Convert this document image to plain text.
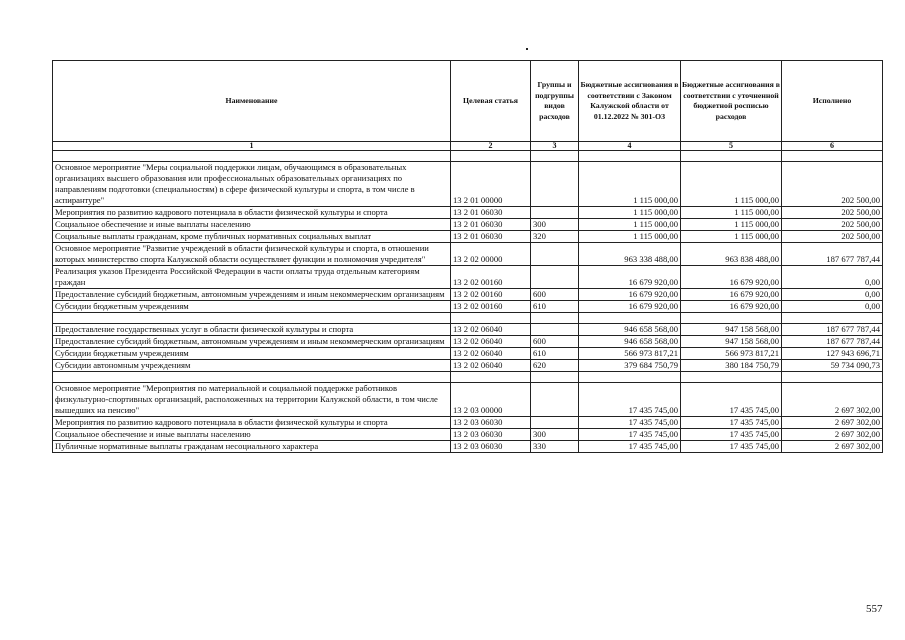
Наименование	Целевая статья	Группы и подгруппы видов расходов	Бюджетные ассигнования в соответствии с Законом Калужской области от 01.12.2022 № 301-ОЗ	Бюджетные ассигнования в соответствии с уточненной бюджетной росписью расходов	Исполнено
1	2	3	4	5	6

Основное мероприятие "Меры социальной поддержки лицам, обучающимся в образовательных организациях высшего образования или профессиональных образовательных организациях по направлениям подготовки (специальностям) в сфере физической культуры и спорта, в том числе в аспирантуре"	13 2 01 00000		1 115 000,00	1 115 000,00	202 500,00
Мероприятия по развитию кадрового потенциала в области физической культуры и спорта	13 2 01 06030		1 115 000,00	1 115 000,00	202 500,00
Социальное обеспечение и иные выплаты населению	13 2 01 06030	300	1 115 000,00	1 115 000,00	202 500,00
Социальные выплаты гражданам, кроме публичных нормативных социальных выплат	13 2 01 06030	320	1 115 000,00	1 115 000,00	202 500,00
Основное мероприятие "Развитие учреждений в области физической культуры и спорта, в отношении которых министерство спорта Калужской области осуществляет функции и полномочия учредителя"	13 2 02 00000		963 338 488,00	963 838 488,00	187 677 787,44
Реализация указов Президента Российской Федерации в части оплаты труда отдельным категориям граждан	13 2 02 00160		16 679 920,00	16 679 920,00	0,00
Предоставление субсидий бюджетным, автономным учреждениям и иным некоммерческим организациям	13 2 02 00160	600	16 679 920,00	16 679 920,00	0,00
Субсидии бюджетным учреждениям	13 2 02 00160	610	16 679 920,00	16 679 920,00	0,00

Предоставление государственных услуг в области физической культуры и спорта	13 2 02 06040		946 658 568,00	947 158 568,00	187 677 787,44
Предоставление субсидий бюджетным, автономным учреждениям и иным некоммерческим организациям	13 2 02 06040	600	946 658 568,00	947 158 568,00	187 677 787,44
Субсидии бюджетным учреждениям	13 2 02 06040	610	566 973 817,21	566 973 817,21	127 943 696,71
Субсидии автономным учреждениям	13 2 02 06040	620	379 684 750,79	380 184 750,79	59 734 090,73

Основное мероприятие "Мероприятия по материальной и социальной поддержке работников физкультурно-спортивных организаций, расположенных на территории Калужской области, в том числе вышедших на пенсию"	13 2 03 00000		17 435 745,00	17 435 745,00	2 697 302,00
Мероприятия по развитию кадрового потенциала в области физической культуры и спорта	13 2 03 06030		17 435 745,00	17 435 745,00	2 697 302,00
Социальное обеспечение и иные выплаты населению	13 2 03 06030	300	17 435 745,00	17 435 745,00	2 697 302,00
Публичные нормативные выплаты гражданам несоциального характера	13 2 03 06030	330	17 435 745,00	17 435 745,00	2 697 302,00
557
